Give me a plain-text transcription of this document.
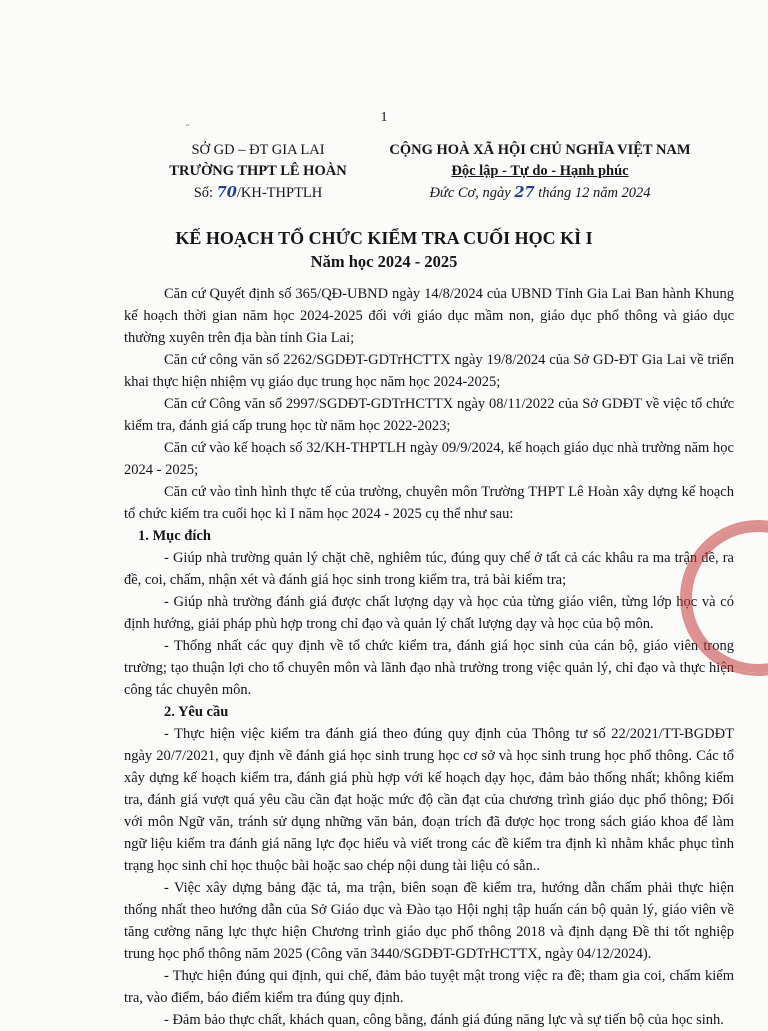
˝
1
SỞ GD – ĐT GIA LAI
TRƯỜNG THPT LÊ HOÀN
Số: 70/KH-THPTLH
CỘNG HOÀ XÃ HỘI CHỦ NGHĨA VIỆT NAM
Độc lập - Tự do - Hạnh phúc
Đức Cơ, ngày 27 tháng 12 năm 2024
KẾ HOẠCH TỔ CHỨC KIỂM TRA CUỐI HỌC KÌ I
Năm học 2024 - 2025

Căn cứ Quyết định số 365/QĐ-UBND ngày 14/8/2024 của UBND Tỉnh Gia Lai Ban hành Khung kế hoạch thời gian năm học 2024-2025 đối với giáo dục mầm non, giáo dục phổ thông và giáo dục thường xuyên trên địa bàn tỉnh Gia Lai;

Căn cứ công văn số 2262/SGDĐT-GDTrHCTTX ngày 19/8/2024 của Sở GD-ĐT Gia Lai về triển khai thực hiện nhiệm vụ giáo dục trung học năm học 2024-2025;

Căn cứ Công văn số 2997/SGDĐT-GDTrHCTTX ngày 08/11/2022 của Sở GDĐT về việc tổ chức kiểm tra, đánh giá cấp trung học từ năm học 2022-2023;

Căn cứ vào kế hoạch số 32/KH-THPTLH ngày 09/9/2024, kế hoạch giáo dục nhà trường năm học 2024 - 2025;

Căn cứ vào tình hình thực tế của trường, chuyên môn Trường THPT Lê Hoàn xây dựng kế hoạch tổ chức kiểm tra cuối học kì I năm học 2024 - 2025 cụ thể như sau:

1. Mục đích

- Giúp nhà trường quản lý chặt chẽ, nghiêm túc, đúng quy chế ở tất cả các khâu ra ma trận đề, ra đề, coi, chấm, nhận xét và đánh giá học sinh trong kiểm tra, trả bài kiểm tra;

- Giúp nhà trường đánh giá được chất lượng dạy và học của từng giáo viên, từng lớp học và có định hướng, giải pháp phù hợp trong chỉ đạo và quản lý chất lượng dạy và học của bộ môn.

- Thống nhất các quy định về tổ chức kiểm tra, đánh giá học sinh của cán bộ, giáo viên trong trường; tạo thuận lợi cho tổ chuyên môn và lãnh đạo nhà trường trong việc quản lý, chỉ đạo và thực hiện công tác chuyên môn.

2. Yêu cầu

- Thực hiện việc kiểm tra đánh giá theo đúng quy định của Thông tư số 22/2021/TT-BGDĐT ngày 20/7/2021, quy định về đánh giá học sinh trung học cơ sở và học sinh trung học phổ thông. Các tổ xây dựng kế hoạch kiểm tra, đánh giá phù hợp với kế hoạch dạy học, đảm bảo thống nhất; không kiểm tra, đánh giá vượt quá yêu cầu cần đạt hoặc mức độ cần đạt của chương trình giáo dục phổ thông; Đối với môn Ngữ văn, tránh sử dụng những văn bản, đoạn trích đã được học trong sách giáo khoa để làm ngữ liệu kiểm tra đánh giá năng lực đọc hiểu và viết trong các đề kiểm tra định kì nhằm khắc phục tình trạng học sinh chỉ học thuộc bài hoặc sao chép nội dung tài liệu có sẵn..

- Việc xây dựng bảng đặc tả, ma trận, biên soạn đề kiểm tra, hướng dẫn chấm phải thực hiện thống nhất theo hướng dẫn của Sở Giáo dục và Đào tạo Hội nghị tập huấn cán bộ quản lý, giáo viên về tăng cường năng lực thực hiện Chương trình giáo dục phổ thông 2018 và định dạng Đề thi tốt nghiệp trung học phổ thông năm 2025 (Công văn 3440/SGDĐT-GDTrHCTTX, ngày 04/12/2024).

- Thực hiện đúng qui định, qui chế, đảm bảo tuyệt mật trong việc ra đề; tham gia coi, chấm kiểm tra, vào điểm, báo điểm kiểm tra đúng quy định.

- Đảm bảo thực chất, khách quan, công bằng, đánh giá đúng năng lực và sự tiến bộ của học sinh.
